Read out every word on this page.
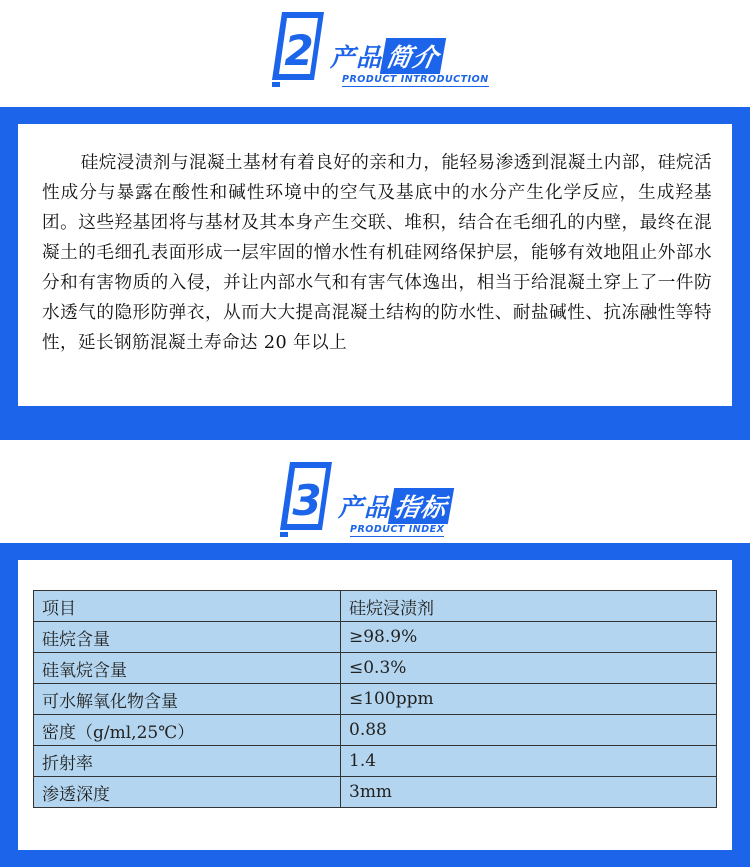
2 产品 简介
PRODUCT INTRODUCTION

硅烷浸渍剂与混凝土基材有着良好的亲和力，能轻易渗透到混凝土内部，硅烷活性成分与暴露在酸性和碱性环境中的空气及基底中的水分产生化学反应，生成羟基团。这些羟基团将与基材及其本身产生交联、堆积，结合在毛细孔的内壁，最终在混凝土的毛细孔表面形成一层牢固的憎水性有机硅网络保护层，能够有效地阻止外部水分和有害物质的入侵，并让内部水气和有害气体逸出，相当于给混凝土穿上了一件防水透气的隐形防弹衣，从而大大提高混凝土结构的防水性、耐盐碱性、抗冻融性等特性，延长钢筋混凝土寿命达 20 年以上

3 产品 指标
PRODUCT INDEX
项目	硅烷浸渍剂
硅烷含量	≥98.9%
硅氧烷含量	≤0.3%
可水解氧化物含量	≤100ppm
密度（g/ml,25℃）	0.88
折射率	1.4
渗透深度	3mm
